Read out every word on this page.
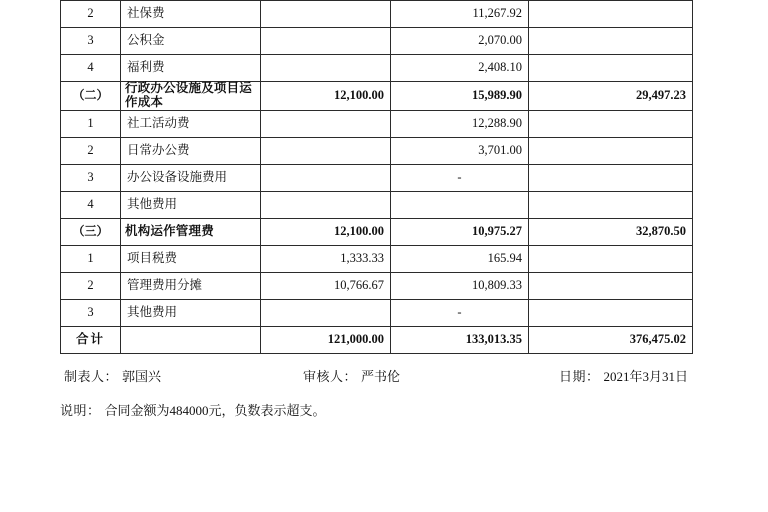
2	社保费		11,267.92	
3	公积金		2,070.00	
4	福利费		2,408.10	
（二）	行政办公设施及项目运作成本	12,100.00	15,989.90	29,497.23
1	社工活动费		12,288.90	
2	日常办公费		3,701.00	
3	办公设备设施费用		-	
4	其他费用			
（三）	机构运作管理费	12,100.00	10,975.27	32,870.50
1	项目税费	1,333.33	165.94	
2	管理费用分摊	10,766.67	10,809.33	
3	其他费用		-	
合计		121,000.00	133,013.35	376,475.02
制表人： 郭国兴	审核人： 严书伦	日期： 2021年3月31日
说明： 合同金额为484000元，负数表示超支。
